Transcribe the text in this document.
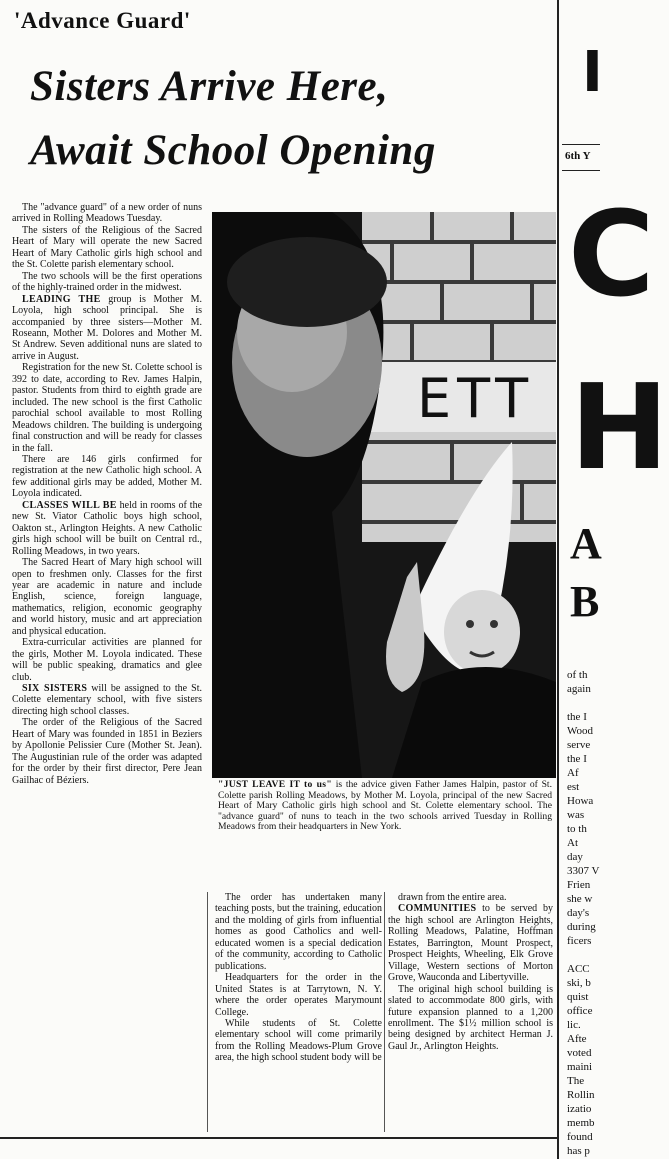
'Advance Guard'
Sisters Arrive Here,
Await School Opening

The "advance guard" of a new order of nuns arrived in Rolling Meadows Tuesday.

The sisters of the Religious of the Sacred Heart of Mary will operate the new Sacred Heart of Mary Catholic girls high school and the St. Colette parish elementary school.

The two schools will be the first operations of the highly-trained order in the midwest.

LEADING THE group is Mother M. Loyola, high school principal. She is accompanied by three sisters—Mother M. Roseann, Mother M. Dolores and Mother M. St Andrew. Seven additional nuns are slated to arrive in August.

Registration for the new St. Colette school is 392 to date, according to Rev. James Halpin, pastor. Students from third to eighth grade are included. The new school is the first Catholic parochial school available to most Rolling Meadows children. The building is undergoing final construction and will be ready for classes in the fall.

There are 146 girls confirmed for registration at the new Catholic high school. A few additional girls may be added, Mother M. Loyola indicated.

CLASSES WILL BE held in rooms of the new St. Viator Catholic boys high school, Oakton st., Arlington Heights. A new Catholic girls high school will be built on Central rd., Rolling Meadows, in two years.

The Sacred Heart of Mary high school will open to freshmen only. Classes for the first year are academic in nature and include English, science, foreign language, mathematics, religion, economic geography and world history, music and art appreciation and physical education.

Extra-curricular activities are planned for the girls, Mother M. Loyola indicated. These will be public speaking, dramatics and glee club.

SIX SISTERS will be assigned to the St. Colette elementary school, with five sisters directing high school classes.

The order of the Religious of the Sacred Heart of Mary was founded in 1851 in Beziers by Apollonie Pelissier Cure (Mother St. Jean). The Augustinian rule of the order was adapted for the order by their first director, Pere Jean Gailhac of Béziers.

ETT
"JUST LEAVE IT to us" is the advice given Father James Halpin, pastor of St. Colette parish Rolling Meadows, by Mother M. Loyola, principal of the new Sacred Heart of Mary Catholic girls high school and St. Colette elementary school. The "advance guard" of nuns to teach in the two schools arrived Tuesday in Rolling Meadows from their headquarters in New York.

The order has undertaken many teaching posts, but the training, education and the molding of girls from influential homes as good Catholics and well-educated women is a special dedication of the community, according to Catholic publications.

Headquarters for the order in the United States is at Tarrytown, N. Y. where the order operates Marymount College.

While students of St. Colette elementary school will come primarily from the Rolling Meadows-Plum Grove area, the high school student body will be

drawn from the entire area.

COMMUNITIES to be served by the high school are Arlington Heights, Rolling Meadows, Palatine, Hoffman Estates, Barrington, Mount Prospect, Prospect Heights, Wheeling, Elk Grove Village, Western sections of Morton Grove, Wauconda and Libertyville.

The original high school building is slated to accommodate 800 girls, with future expansion planned to a 1,200 enrollment. The $1½ million school is being designed by architect Herman J. Gaul Jr., Arlington Heights.

I
6th Y
C
H
A
B
of th
again
the I
Wood
serve
the I
Af
est
Howa
was
to th
At
day
3307 V
Frien
she w
day's
during
ficers
ACC
ski, b
quist
office
lic.
Afte
voted
maini
The
Rollin
izatio
memb
found
has p
